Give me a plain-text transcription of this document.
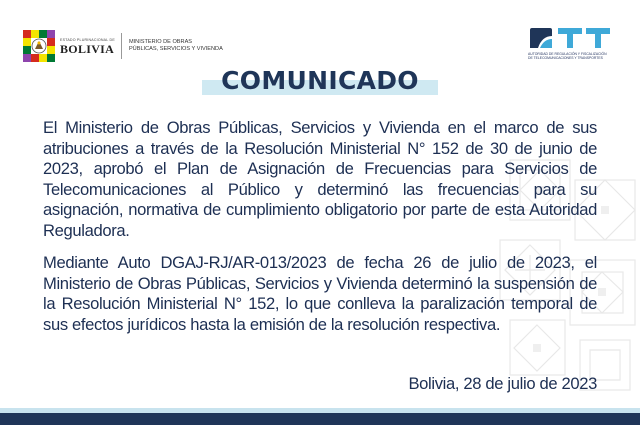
ESTADO PLURINACIONAL DE
BOLIVIA	MINISTERIO DE OBRAS
PÚBLICAS, SERVICIOS Y VIVIENDA
AUTORIDAD DE REGULACIÓN Y FISCALIZACIÓN
DE TELECOMUNICACIONES Y TRANSPORTES
COMUNICADO

El Ministerio de Obras Públicas, Servicios y Vivienda en el marco de sus atribuciones a través de la Resolución Ministerial N° 152 de 30 de junio de 2023, aprobó el Plan de Asignación de Frecuencias para Servicios de Telecomunicaciones al Público y determinó las frecuencias para su asignación, normativa de cumplimiento obligatorio por parte de esta Autoridad Reguladora.

Mediante Auto DGAJ-RJ/AR-013/2023 de fecha 26 de julio de 2023, el Ministerio de Obras Públicas, Servicios y Vivienda determinó la suspensión de la Resolución Ministerial N° 152, lo que conlleva la paralización temporal de sus efectos jurídicos hasta la emisión de la resolución respectiva.

Bolivia, 28 de julio de 2023
